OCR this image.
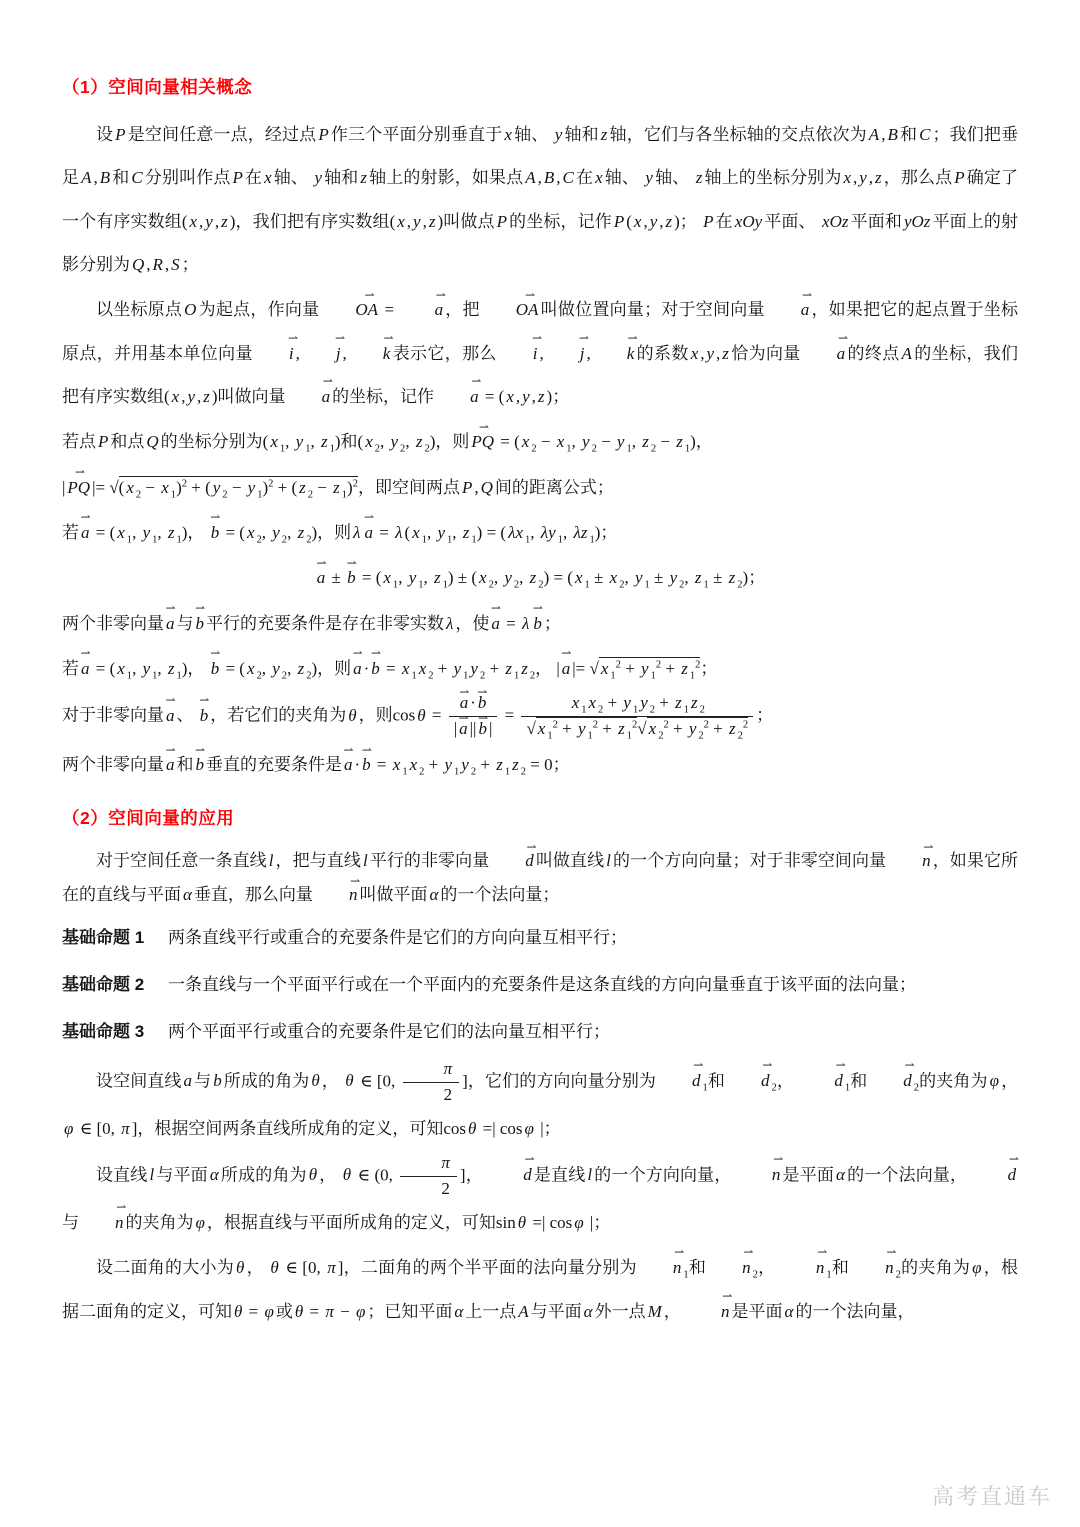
（1）空间向量相关概念

设 P 是空间任意一点，经过点 P 作三个平面分别垂直于 x 轴、 y 轴和 z 轴，它们与各坐标轴的交点依次为 A , B 和 C ；我们把垂足 A , B 和 C 分别叫作点 P 在 x 轴、 y 轴和 z 轴上的射影，如果点 A , B , C 在 x 轴、 y 轴、 z 轴上的坐标分别为 x , y , z ，那么点 P 确定了一个有序实数组( x , y , z )，我们把有序实数组( x , y , z )叫做点 P 的坐标，记作 P ( x , y , z )； P 在 xOy 平面、 xOz 平面和 yOz 平面上的射影分别为 Q , R , S ；

以坐标原点 O 为起点，作向量 ⇀ OA = ⇀ a ，把 ⇀ OA 叫做位置向量；对于空间向量 ⇀ a ，如果把它的起点置于坐标原点，并用基本单位向量 ⇀ i , ⇀ j , ⇀ k 表示它，那么 ⇀ i , ⇀ j , ⇀ k 的系数 x , y , z 恰为向量 ⇀ a 的终点 A 的坐标，我们把有序实数组( x , y , z )叫做向量 ⇀ a 的坐标，记作 ⇀ a = ( x , y , z )；

若点 P 和点 Q 的坐标分别为( x $_1$, y $_1$, z $_1$)和( x $_2$, y $_2$, z $_2$)，则 ⇀ PQ = ( x $_2$ − x $_1$, y $_2$ − y $_1$, z $_2$ − z $_1$)，

| ⇀ PQ |= √( x $_2$ − x $_1$)$^2$ + ( y $_2$ − y $_1$)$^2$ + ( z $_2$ − z $_1$)$^2$，即空间两点 P , Q 间的距离公式；

若 ⇀ a = ( x $_1$, y $_1$, z $_1$)， ⇀ b = ( x $_2$, y $_2$, z $_2$)，则 λ ⇀ a = λ ( x $_1$, y $_1$, z $_1$) = ( λx $_1$, λy $_1$, λz $_1$)；

⇀ a ± ⇀ b = ( x $_1$, y $_1$, z $_1$) ± ( x $_2$, y $_2$, z $_2$) = ( x $_1$ ± x $_2$, y $_1$ ± y $_2$, z $_1$ ± z $_2$)；

两个非零向量 ⇀ a 与 ⇀ b 平行的充要条件是存在非零实数 λ ，使 ⇀ a = λ ⇀ b ；

若 ⇀ a = ( x $_1$, y $_1$, z $_1$)， ⇀ b = ( x $_2$, y $_2$, z $_2$)，则 ⇀ a · ⇀ b = x $_1$ x $_2$ + y $_1$ y $_2$ + z $_1$ z $_2$， | ⇀ a |= √ x $_1^2$ + y $_1^2$ + z $_1^2$；

对于非零向量 ⇀ a 、 ⇀ b ，若它们的夹角为 θ ，则cos θ = ⇀ $\frac{a \cdot ⇀ b}{| ⇀ a || ⇀ b |} = \frac{x _1 x _2 + y _1 y _2 + z _1 z _2}{√ x _1^2 + y _1^2 + z _1^2√ x _2^2 + y _2^2 + z _2^2}$ ；

两个非零向量 ⇀ a 和 ⇀ b 垂直的充要条件是 ⇀ a · ⇀ b = x $_1$ x $_2$ + y $_1$ y $_2$ + z $_1$ z $_2$ = 0；

（2）空间向量的应用

对于空间任意一条直线 l ，把与直线 l 平行的非零向量 ⇀ d 叫做直线 l 的一个方向向量；对于非零空间向量 ⇀ n ，如果它所在的直线与平面 α 垂直，那么向量 ⇀ n 叫做平面 α 的一个法向量；

基础命题 1 两条直线平行或重合的充要条件是它们的方向向量互相平行；

基础命题 2 一条直线与一个平面平行或在一个平面内的充要条件是这条直线的方向向量垂直于该平面的法向量；

基础命题 3 两个平面平行或重合的充要条件是它们的法向量互相平行；

设空间直线 a 与 b 所成的角为 θ ， θ ∈ [0, $\frac{\pi}{2}$ ]，它们的方向向量分别为 ⇀ d $_1$和 ⇀ d $_2$， ⇀ d $_1$和 ⇀ d $_2$的夹角为 φ ， φ ∈ [0, π ]，根据空间两条直线所成角的定义，可知cos θ =| cos φ |；

设直线 l 与平面 α 所成的角为 θ ， θ ∈ (0, $\frac{\pi}{2}$ ]， ⇀ d 是直线 l 的一个方向向量， ⇀ n 是平面 α 的一个法向量， ⇀ d与 ⇀ n 的夹角为 φ ，根据直线与平面所成角的定义，可知sin θ =| cos φ |；

设二面角的大小为 θ ， θ ∈ [0, π ]，二面角的两个半平面的法向量分别为 ⇀ n $_1$和 ⇀ n $_2$， ⇀ n $_1$和 ⇀ n $_2$的夹角为 φ ，根据二面角的定义，可知 θ = φ 或 θ = π − φ ；已知平面 α 上一点 A 与平面 α 外一点 M ， ⇀ n 是平面 α 的一个法向量，

高考直通车
